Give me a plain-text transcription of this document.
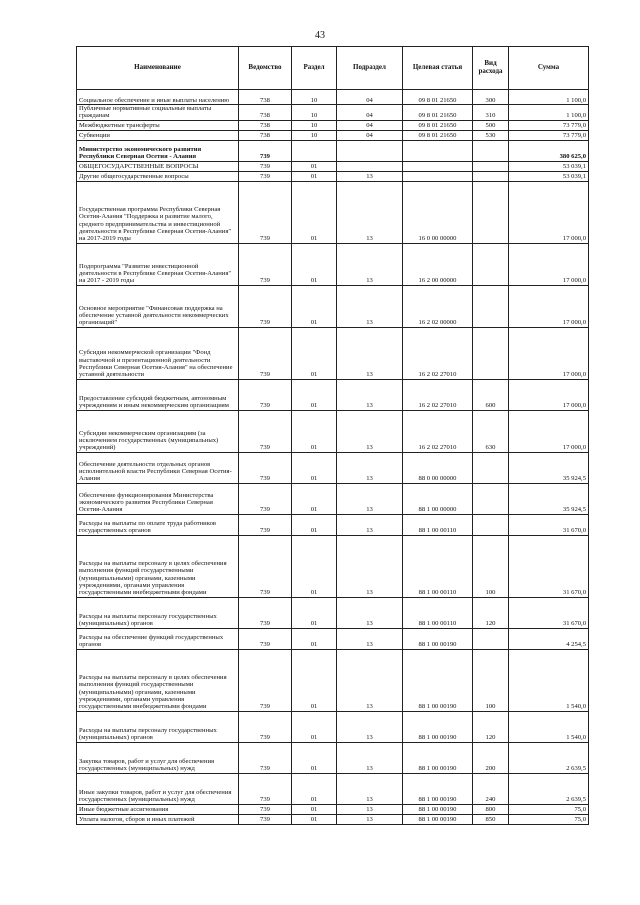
43
Наименование	Ведомство	Раздел	Подраздел	Целевая статья	Вид расхода	Сумма
Социальное обеспечение и иные выплаты населению	738	10	04	09 8 01 21650	300	1 100,0
Публичные нормативные социальные выплаты гражданам	738	10	04	09 8 01 21650	310	1 100,0
Межбюджетные трансферты	738	10	04	09 8 01 21650	500	73 779,0
Субвенции	738	10	04	09 8 01 21650	530	73 779,0
Министерство экономического развития Республики Северная Осетия - Алания	739					380 625,0
ОБЩЕГОСУДАРСТВЕННЫЕ ВОПРОСЫ	739	01				53 039,1
Другие общегосударственные вопросы	739	01	13			53 039,1
Государственная программа Республики Северная Осетия-Алания "Поддержка и развитие малого, среднего предпринимательства и инвестиционной деятельности в Республике Северная Осетия-Алания" на 2017-2019 годы	739	01	13	16 0 00 00000		17 000,0
Подпрограмма "Развитие инвестиционной деятельности в Республике Северная Осетия-Алания" на 2017 - 2019 годы	739	01	13	16 2 00 00000		17 000,0
Основное мероприятие "Финансовая поддержка на обеспечение уставной деятельности некоммерческих организаций"	739	01	13	16 2 02 00000		17 000,0
Субсидия некоммерческой организации "Фонд выставочной и презентационной деятельности Республики Северная Осетия-Алания" на обеспечение уставной деятельности	739	01	13	16 2 02 27010		17 000,0
Предоставление субсидий бюджетным, автономным учреждениям и иным некоммерческим организациям	739	01	13	16 2 02 27010	600	17 000,0
Субсидии некоммерческим организациям (за исключением государственных (муниципальных) учреждений)	739	01	13	16 2 02 27010	630	17 000,0
Обеспечение деятельности отдельных органов исполнительной власти Республики Северная Осетия-Алания	739	01	13	88 0 00 00000		35 924,5
Обеспечение функционирования Министерства экономического развития Республики Северная Осетия-Алания	739	01	13	88 1 00 00000		35 924,5
Расходы на выплаты по оплате труда работников государственных органов	739	01	13	88 1 00 00110		31 670,0
Расходы на выплаты персоналу в целях обеспечения выполнения функций государственными (муниципальными) органами, казенными учреждениями, органами управления государственными внебюджетными фондами	739	01	13	88 1 00 00110	100	31 670,0
Расходы на выплаты персоналу государственных (муниципальных) органов	739	01	13	88 1 00 00110	120	31 670,0
Расходы на обеспечение функций государственных органов	739	01	13	88 1 00 00190		4 254,5
Расходы на выплаты персоналу в целях обеспечения выполнения функций государственными (муниципальными) органами, казенными учреждениями, органами управления государственными внебюджетными фондами	739	01	13	88 1 00 00190	100	1 540,0
Расходы на выплаты персоналу государственных (муниципальных) органов	739	01	13	88 1 00 00190	120	1 540,0
Закупка товаров, работ и услуг для обеспечения государственных (муниципальных) нужд	739	01	13	88 1 00 00190	200	2 639,5
Иные закупки товаров, работ и услуг для обеспечения государственных (муниципальных) нужд	739	01	13	88 1 00 00190	240	2 639,5
Иные бюджетные ассигнования	739	01	13	88 1 00 00190	800	75,0
Уплата налогов, сборов и иных платежей	739	01	13	88 1 00 00190	850	75,0
